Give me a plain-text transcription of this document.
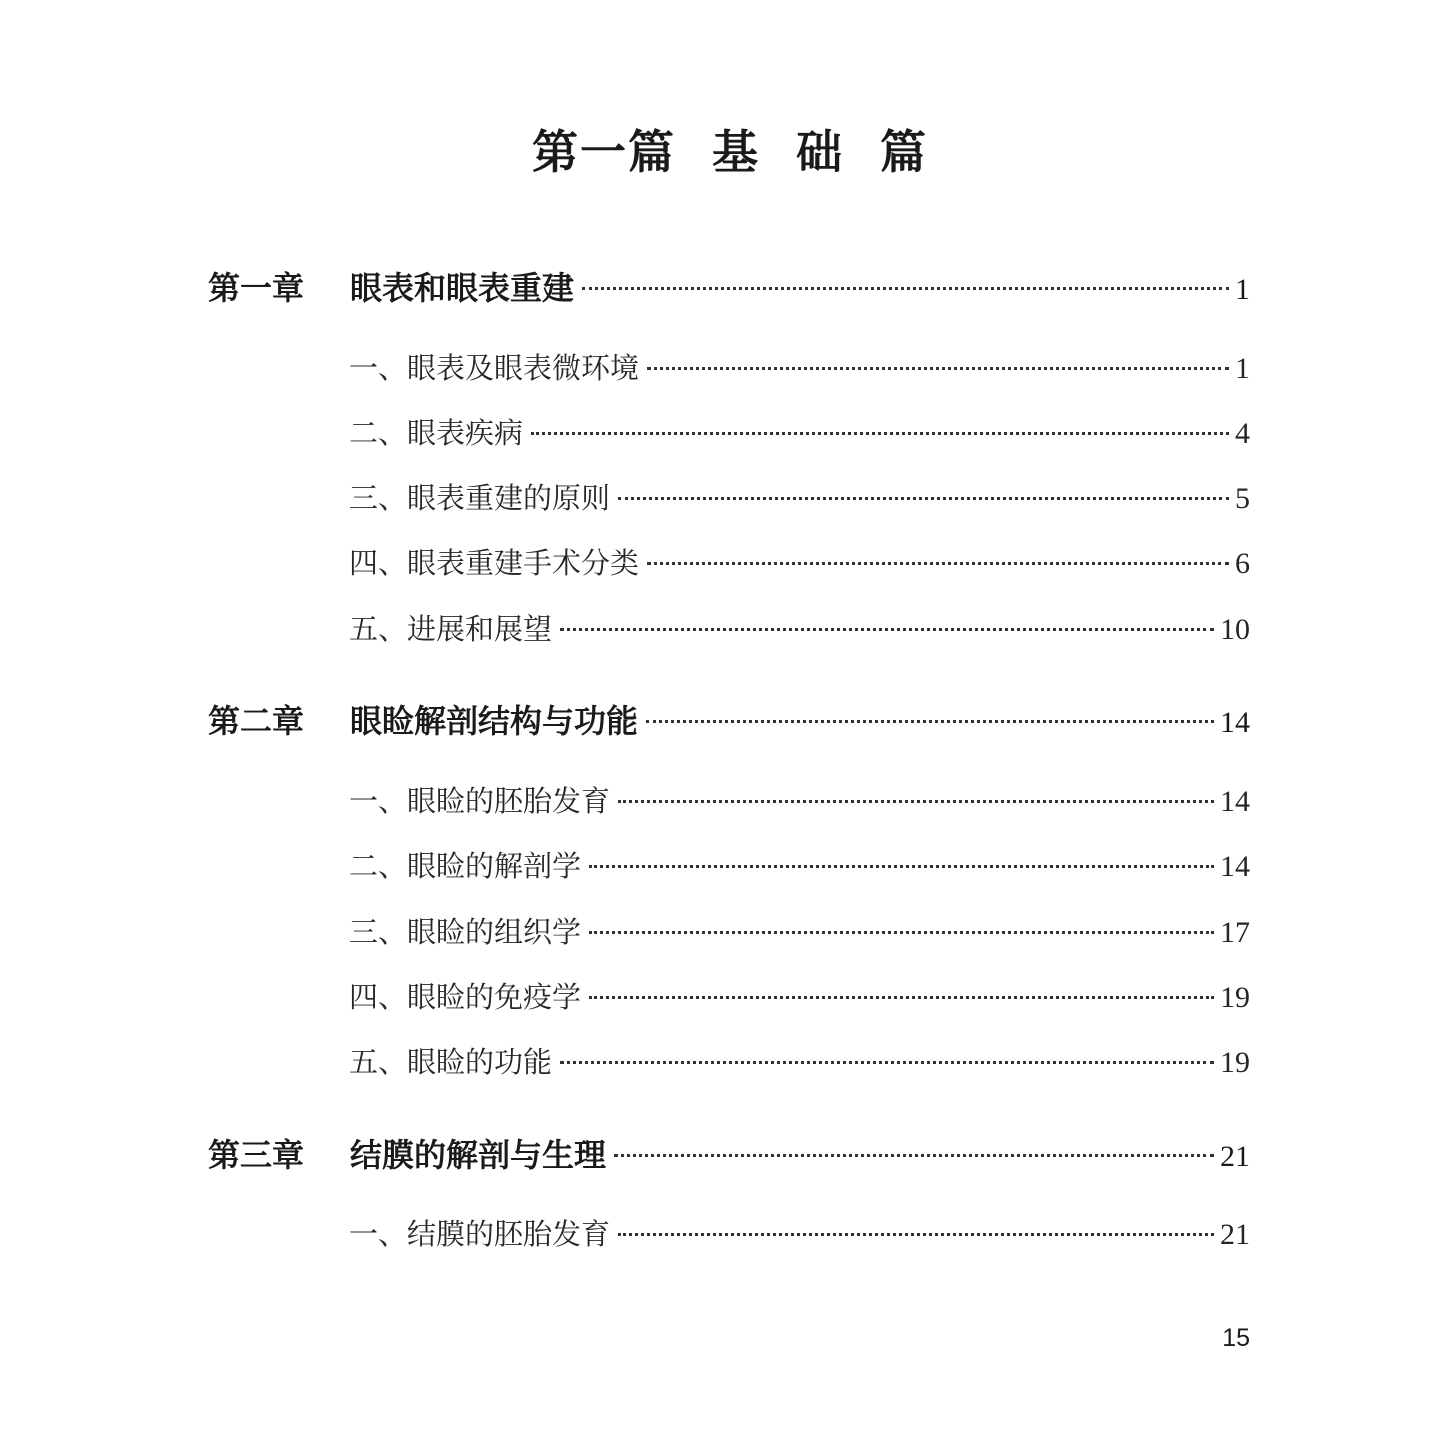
第一篇  基  础  篇
第一章	眼表和眼表重建	1
一、眼表及眼表微环境	1
二、眼表疾病	4
三、眼表重建的原则	5
四、眼表重建手术分类	6
五、进展和展望	10
第二章	眼睑解剖结构与功能	14
一、眼睑的胚胎发育	14
二、眼睑的解剖学	14
三、眼睑的组织学	17
四、眼睑的免疫学	19
五、眼睑的功能	19
第三章	结膜的解剖与生理	21
一、结膜的胚胎发育	21
15
